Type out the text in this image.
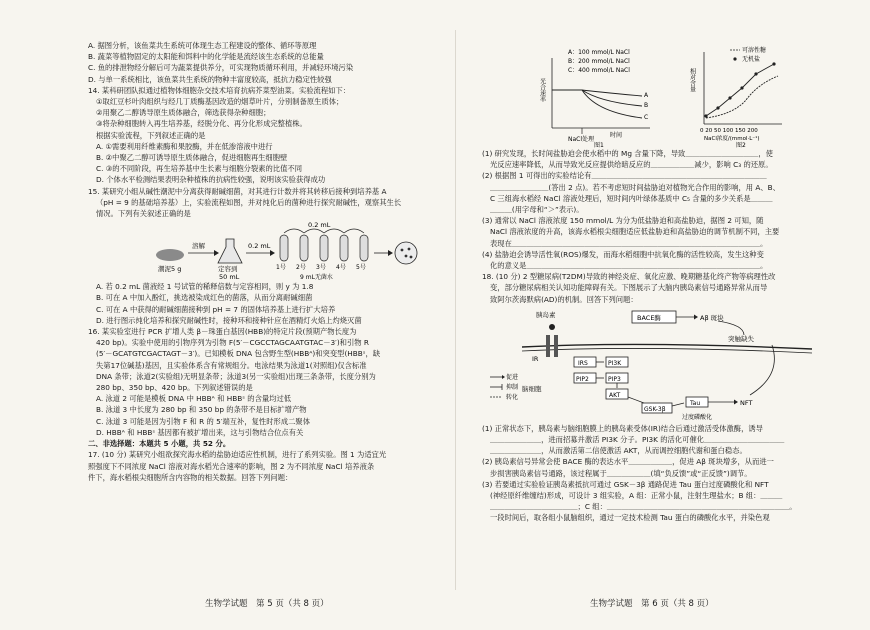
A. 据图分析，该鱼菜共生系统可体现生态工程建设的整体、循环等原理

B. 蔬菜等植物固定的太阳能和饵料中的化学能是流经该生态系统的总能量

C. 鱼的排泄物经分解后可为蔬菜提供养分，可实现物质循环利用，并减轻环境污染

D. 与单一系统相比，该鱼菜共生系统的物种丰富度较高，抵抗力稳定性较强

14. 某科研团队拟通过植物体细胞杂交技术培育抗病芥菜型油菜。实验流程如下：

①取红豆杉叶肉组织与经几丁质酶基因改造的烟草叶片，分别制备原生质体；

②用聚乙二醇诱导原生质体融合，筛选获得杂种细胞；

③将杂种细胞转入再生培养基，经脱分化、再分化形成完整植株。

根据实验流程，下列叙述正确的是

A. ①需要利用纤维素酶和果胶酶，并在低渗溶液中进行

B. ②中聚乙二醇可诱导原生质体融合，促进细胞再生细胞壁

C. ③的不同阶段，再生培养基中生长素与细胞分裂素的比值不同

D. 个体水平检测结果表明杂种植株的抗病性较强，说明该实验获得成功

15. 某研究小组从碱性潮泥中分离获得耐碱细菌，对其进行计数并将其转移后接种到培养基 A

（pH = 9 的基础培养基）上，实验流程如图，并对纯化后的菌种进行探究耐碱性，观察其生长

情况。下列有关叙述正确的是

潮泥5 g
溶解
定容到
50 mL
0.2 mL
0.2 mL
1号 2号 3号 4号 5号
9 mL无菌水

A. 若 0.2 mL 菌液经 1 号试管的稀释倍数与定容相同，则 y 为 1.8

B. 可在 A 中加入酚红，挑选被染成红色的菌落，从而分离耐碱细菌

C. 可在 A 中获得的耐碱细菌接种到 pH = 7 的固体培养基上进行扩大培养

D. 进行图示纯化培养和探究耐碱性时，接种环和接种针应在酒精灯火焰上灼烧灭菌

16. 某实验室进行 PCR 扩增人类 β－珠蛋白基因(HBB)的特定片段(预期产物长度为

420 bp)。实验中使用的引物序列为引物 F(5′－CGCCTAGCAATGTAC－3′)和引物 R

(5′－GCATGTCGACTAGT－3′)。已知模板 DNA 包含野生型(HBBᴬ)和突变型(HBBˢ，缺

失第17位碱基)基因，且实验体系含有常规组分。电泳结果为泳道1(对照组)仅含标准

DNA 条带；泳道2(实验组)无明显条带；泳道3(另一实验组)出现三条条带，长度分别为

280 bp、350 bp、420 bp。下列叙述错误的是

A. 泳道 2 可能是模板 DNA 中 HBBᴬ 和 HBBˢ 的含量均过低

B. 泳道 3 中长度为 280 bp 和 350 bp 的条带不是目标扩增产物

C. 泳道 3 可能是因为引物 F 和 R 的 5′端互补，复性时形成二聚体

D. HBBᴬ 和 HBBˢ 基因都有被扩增出来，这与引物结合位点有关

二、非选择题：本题共 5 小题，共 52 分。

17. (10 分) 某研究小组欲探究海水稻的盐胁迫适应性机制，进行了系列实验。图 1 为适宜光

照强度下不同浓度 NaCl 溶液对海水稻光合速率的影响，图 2 为不同浓度 NaCl 培养液条

件下，海水稻根尖细胞所含内容物的相关数据。回答下列问题：

生物学试题　第 5 页（共 8 页）
A：100 mmol/L NaCl
B：200 mmol/L NaCl
C：400 mmol/L NaCl
光合速率	A
B
C
NaCl处理
时间
图1
相对含量
可溶性糖
无机盐
0 20 50 100 150 200
NaCl浓度/(mmol·L⁻¹)
图2

(1) 研究发现，长时间盐胁迫会使水稻中的 Mg 含量下降，导致＿＿＿＿＿＿＿＿＿＿，使

光反应速率降低，从而导致光反应提供给暗反应的＿＿＿＿＿＿减少，影响 C₃ 的还原。

(2) 根据图 1 可得出的实验结论有＿＿＿＿＿＿＿＿＿＿＿＿＿＿＿＿＿＿＿＿＿＿＿＿

＿＿＿＿＿＿＿＿(答出 2 点)。若不考虑短时间盐胁迫对植物光合作用的影响，用 A、B、

C 三组海水稻经 NaCl 溶液处理后，短时间内叶绿体基质中 C₅ 含量的多少关系是＿＿＿

＿＿＿(用字母和“＞”表示)。

(3) 通常以 NaCl 溶液浓度 150 mmol/L 为分为低盐胁迫和高盐胁迫，据图 2 可知，随

NaCl 溶液浓度的升高，该海水稻根尖细胞适应低盐胁迫和高盐胁迫的调节机制不同，主要

表现在＿＿＿＿＿＿＿＿＿＿＿＿＿＿＿＿＿＿＿＿＿＿＿＿＿＿＿＿＿＿＿＿＿＿。

(4) 盐胁迫会诱导活性氧(ROS)爆发，而海水稻细胞中抗氧化酶的活性较高，发生这种变

化的意义是＿＿＿＿＿＿＿＿＿＿＿＿＿＿＿＿＿＿＿＿＿＿＿＿＿＿＿＿＿＿＿＿。

18. (10 分) 2 型糖尿病(T2DM)导致的神经炎症、氧化应激、晚期糖基化终产物等病理性改

变，部分糖尿病相关认知功能障碍有关。下图展示了大脑内胰岛素信号通路异常从而导

致阿尔茨海默病(AD)的机制。回答下列问题：

胰岛素
IR
BACE酶	Aβ 斑块
突触缺失
IRS	PI3K
PIP2	PIP3
AKT
脑细胞
GSK-3β
Tau
过度磷酸化
NFT
促进
抑制
转化

(1) 正常状态下，胰岛素与脑细胞膜上的胰岛素受体(IR)结合后通过激活受体激酶，诱导

＿＿＿＿＿＿＿，进而招募并激活 PI3K 分子。PI3K 的活化可催化＿＿＿＿＿＿＿＿＿＿＿

＿＿＿＿＿＿＿，从而激活第二信使激活 AKT，从而调控细胞代谢和蛋白稳态。

(2) 胰岛素信号异常会使 BACE 酶的表达水平＿＿＿＿＿＿，促进 Aβ 斑块增多，从而进一

步损害胰岛素信号通路，该过程属于＿＿＿＿＿＿(填“负反馈”或“正反馈”)调节。

(3) 若要通过实验验证胰岛素抵抗可通过 GSK－3β 通路促进 Tau 蛋白过度磷酸化和 NFT

(神经原纤维缠结)形成，可设计 3 组实验，A 组：正常小鼠，注射生理盐水；B 组：＿＿＿

＿＿＿＿＿＿＿＿＿＿＿＿；C 组：＿＿＿＿＿＿＿＿＿＿＿＿＿＿＿＿＿＿＿＿＿＿＿＿＿。

一段时间后，取各组小鼠脑组织，通过一定技术检测 Tau 蛋白的磷酸化水平，并染色观

生物学试题　第 6 页（共 8 页）
